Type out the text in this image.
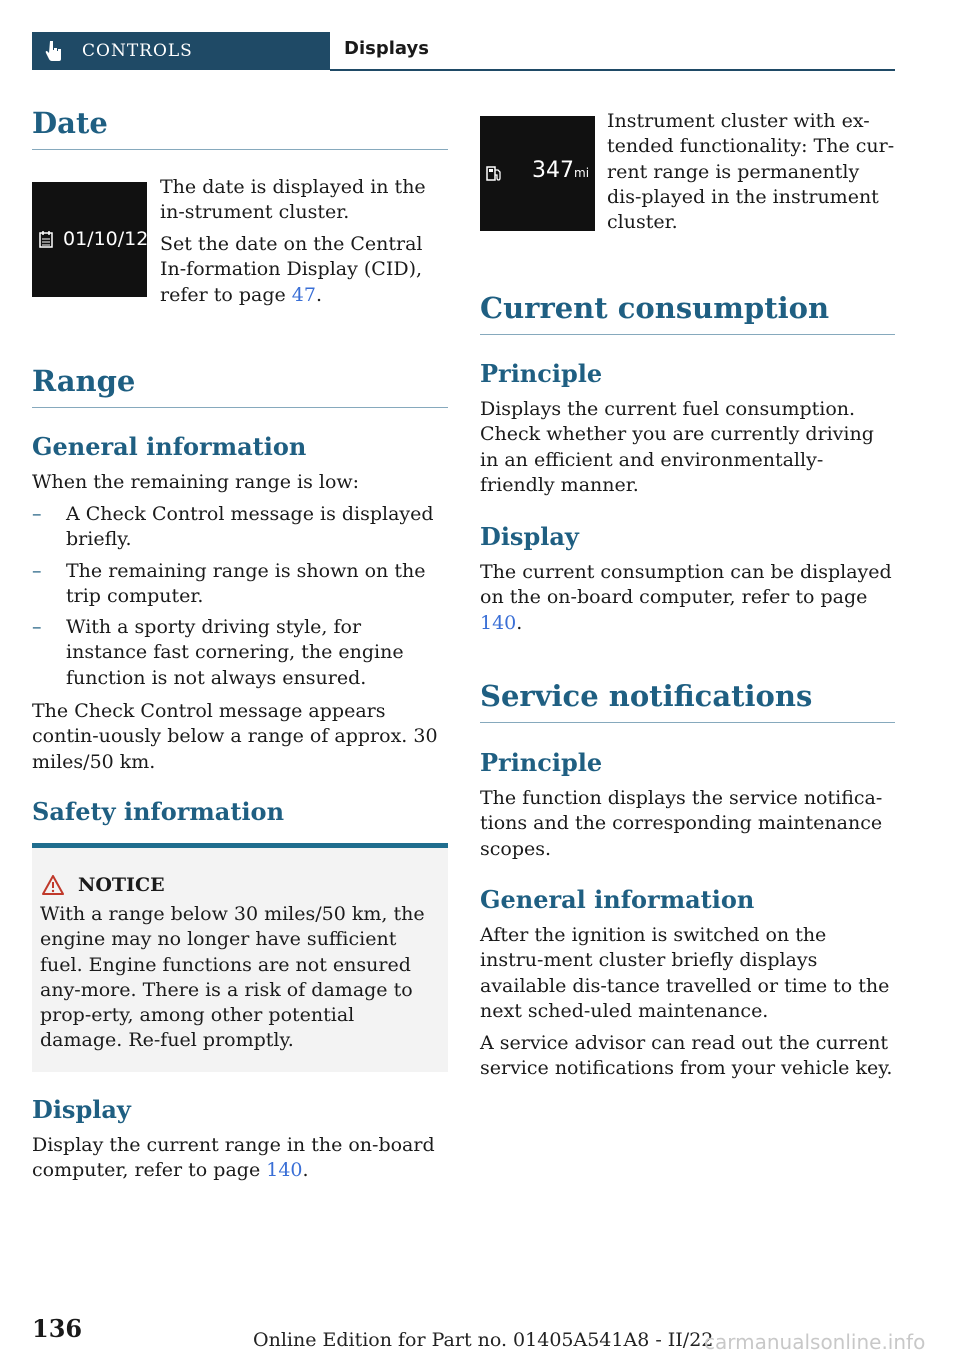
CONTROLS	Displays
Date
01/10/12
The date is displayed in the in-strument cluster.
Set the date on the Central In-formation Display (CID), refer to page 47.
Range
General information
When the remaining range is low:
– A Check Control message is displayed briefly.
– The remaining range is shown on the trip computer.
– With a sporty driving style, for instance fast cornering, the engine function is not always ensured.
The Check Control message appears contin-uously below a range of approx. 30 miles/50 km.
Safety information
NOTICE
With a range below 30 miles/50 km, the engine may no longer have sufficient fuel. Engine functions are not ensured any-more. There is a risk of damage to prop-erty, among other potential damage. Re-fuel promptly.
Display
Display the current range in the on-board computer, refer to page 140.
347 mi
Instrument cluster with ex-tended functionality: The cur-rent range is permanently dis-played in the instrument cluster.
Current consumption
Principle
Displays the current fuel consumption. Check whether you are currently driving in an efficient and environmentally-friendly manner.
Display
The current consumption can be displayed on the on-board computer, refer to page 140.
Service notifications
Principle
The function displays the service notifica-tions and the corresponding maintenance scopes.
General information
After the ignition is switched on the instru-ment cluster briefly displays available dis-tance travelled or time to the next sched-uled maintenance.
A service advisor can read out the current service notifications from your vehicle key.
136	Online Edition for Part no. 01405A541A8 - II/22
carmanualsonline.info
